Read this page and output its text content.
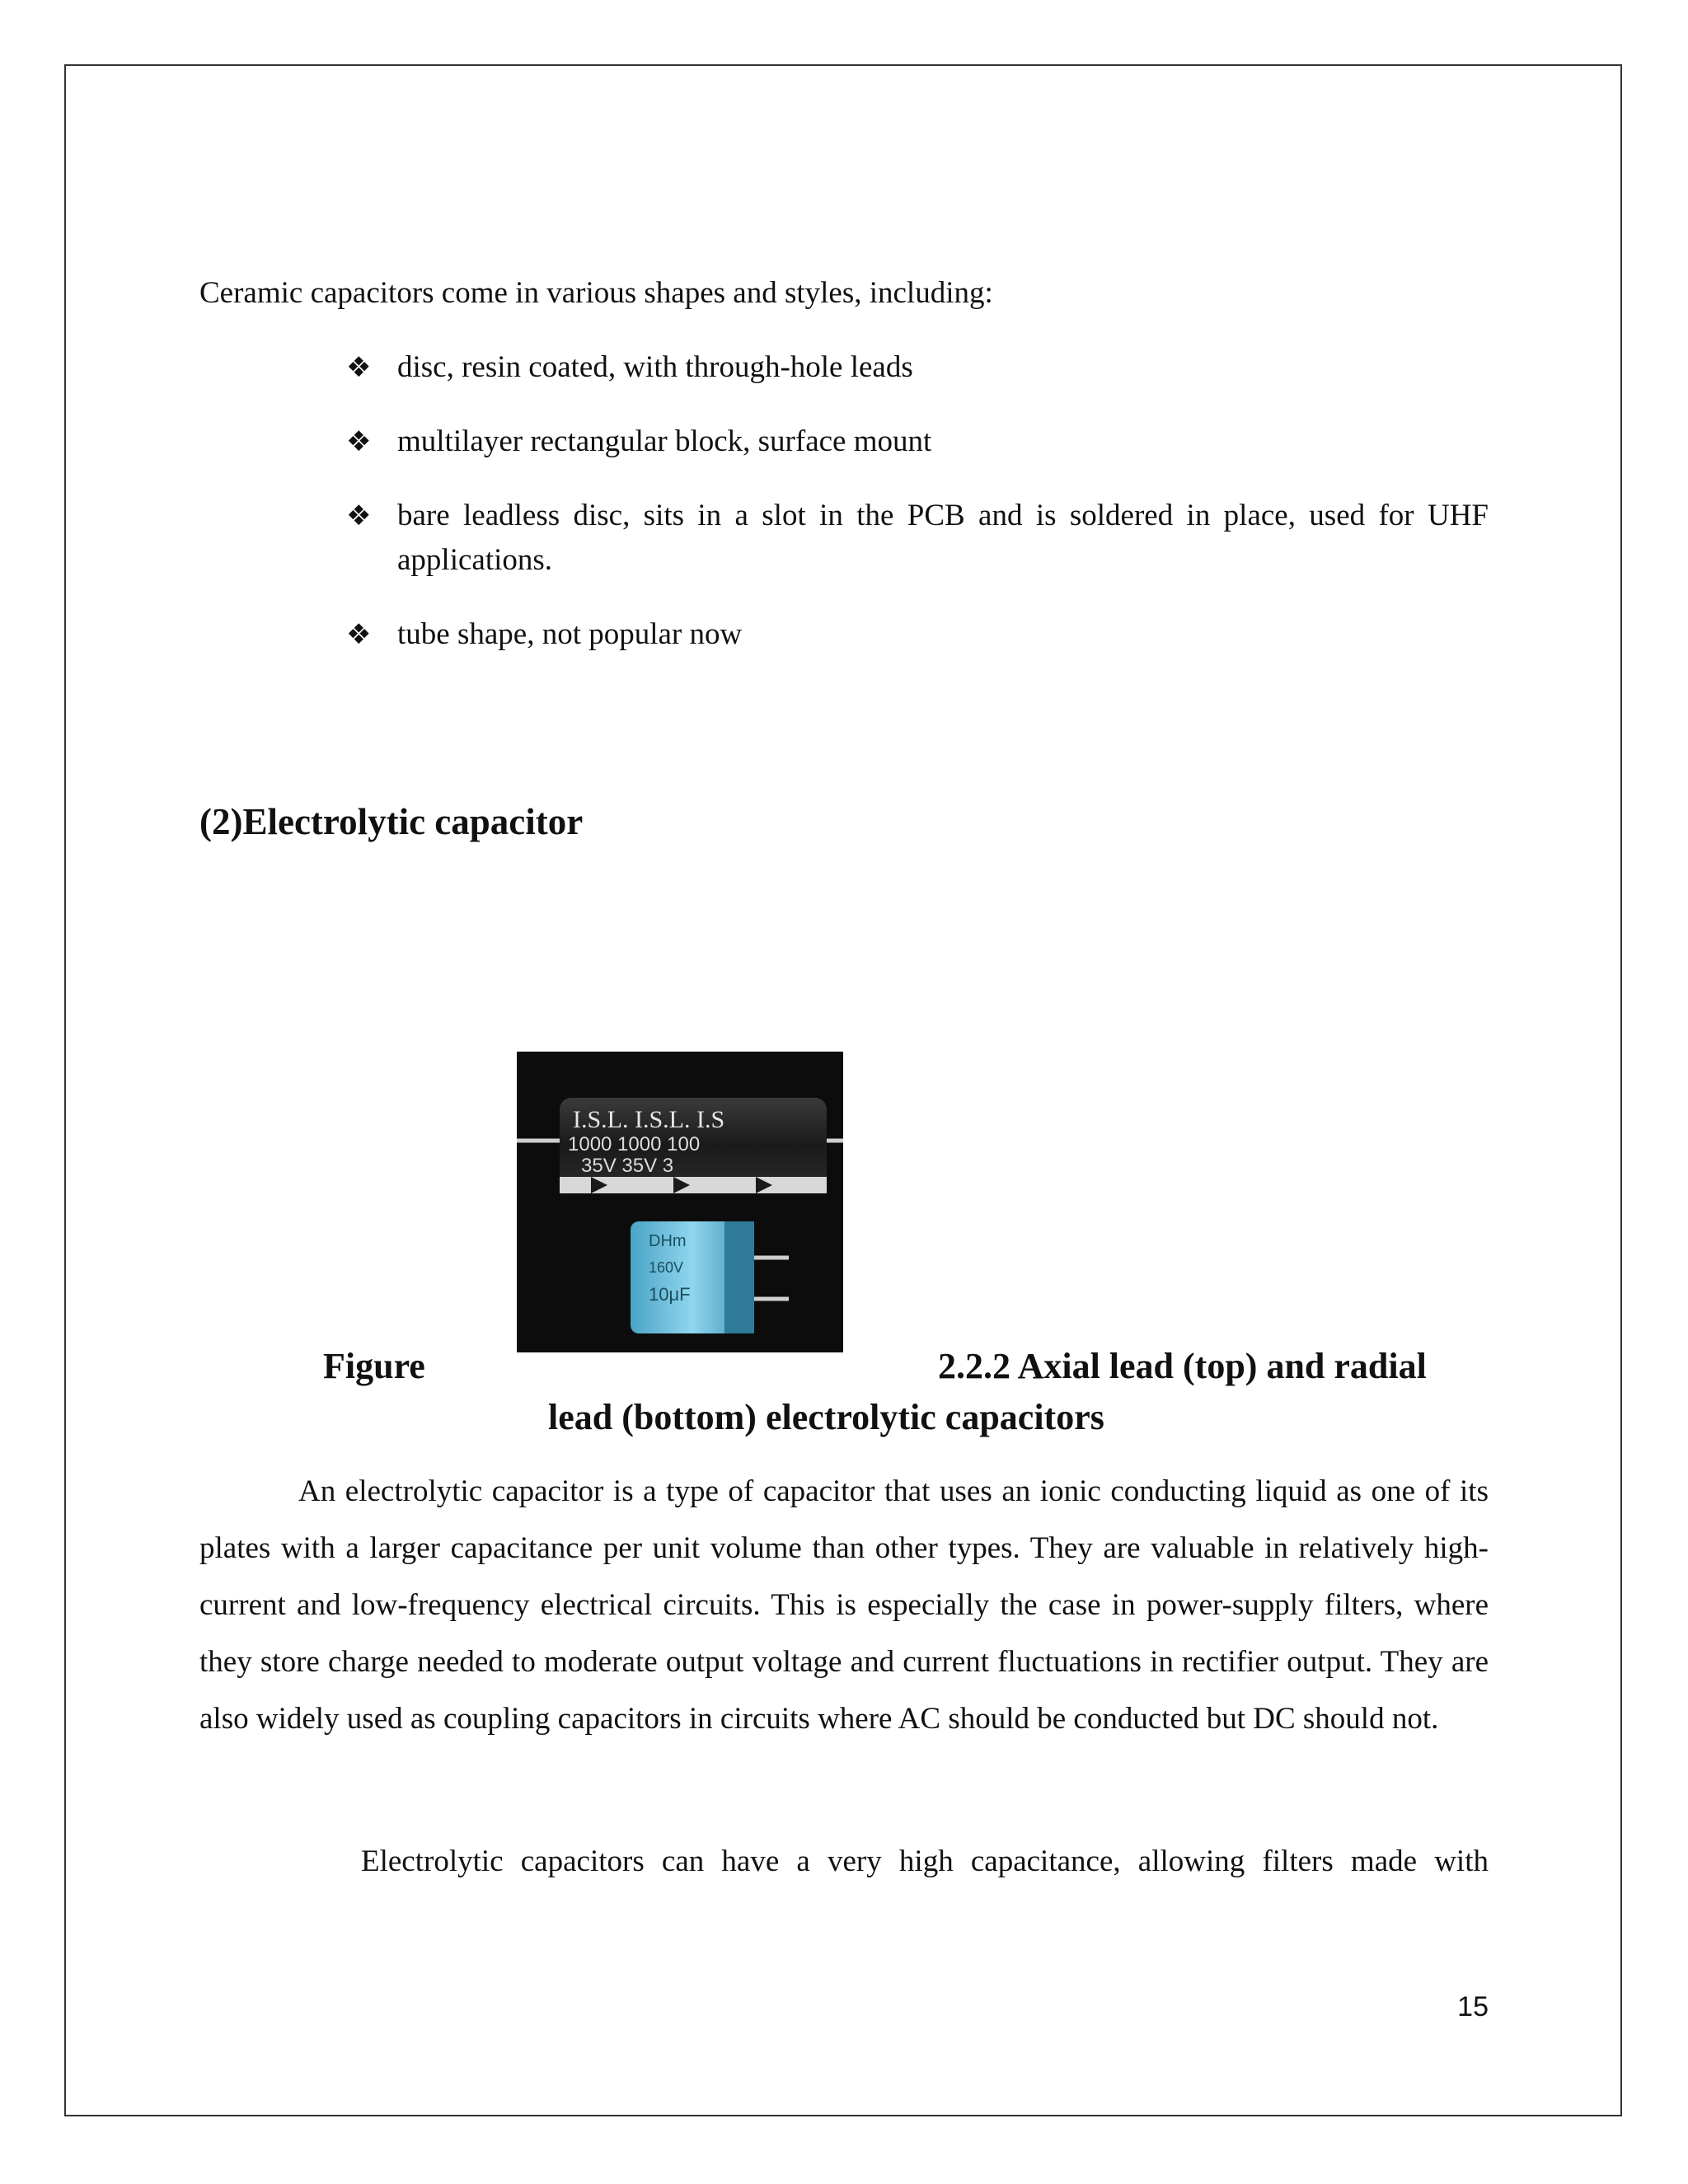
Ceramic capacitors come in various shapes and styles, including:
❖ disc, resin coated, with through-hole leads
❖ multilayer rectangular block, surface mount
❖ bare leadless disc, sits in a slot in the PCB and is soldered in place, used for UHF
applications.
❖ tube shape, not popular now
(2)Electrolytic capacitor
I.S.L. I.S.L. I.S
1000 1000 100
35V 35V 3
DHm
160V
10μF
Figure	2.2.2 Axial lead (top) and radial
lead (bottom) electrolytic capacitors
An electrolytic capacitor is a type of capacitor that uses an ionic conducting liquid as one of its plates with a larger capacitance per unit volume than other types. They are valuable in relatively high-current and low-frequency electrical circuits. This is especially the case in power-supply filters, where they store charge needed to moderate output voltage and current fluctuations in rectifier output. They are also widely used as coupling capacitors in circuits where AC should be conducted but DC should not.
Electrolytic capacitors can have a very high capacitance, allowing filters made with
15
